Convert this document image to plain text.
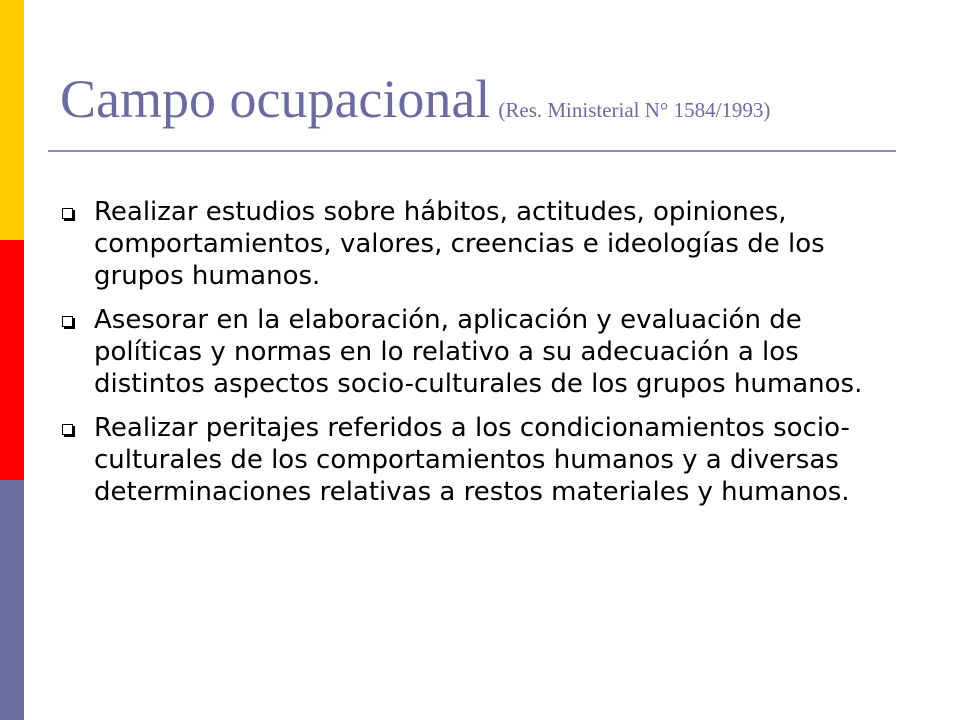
Campo ocupacional (Res. Ministerial N° 1584/1993)
Realizar estudios sobre hábitos, actitudes, opiniones, comportamientos, valores, creencias e ideologías de los grupos humanos.
Asesorar en la elaboración, aplicación y evaluación de políticas y normas en lo relativo a su adecuación a los distintos aspectos socio-culturales de los grupos humanos.
Realizar peritajes referidos a los condicionamientos socio-culturales de los comportamientos humanos y a diversas determinaciones relativas a restos materiales y humanos.
